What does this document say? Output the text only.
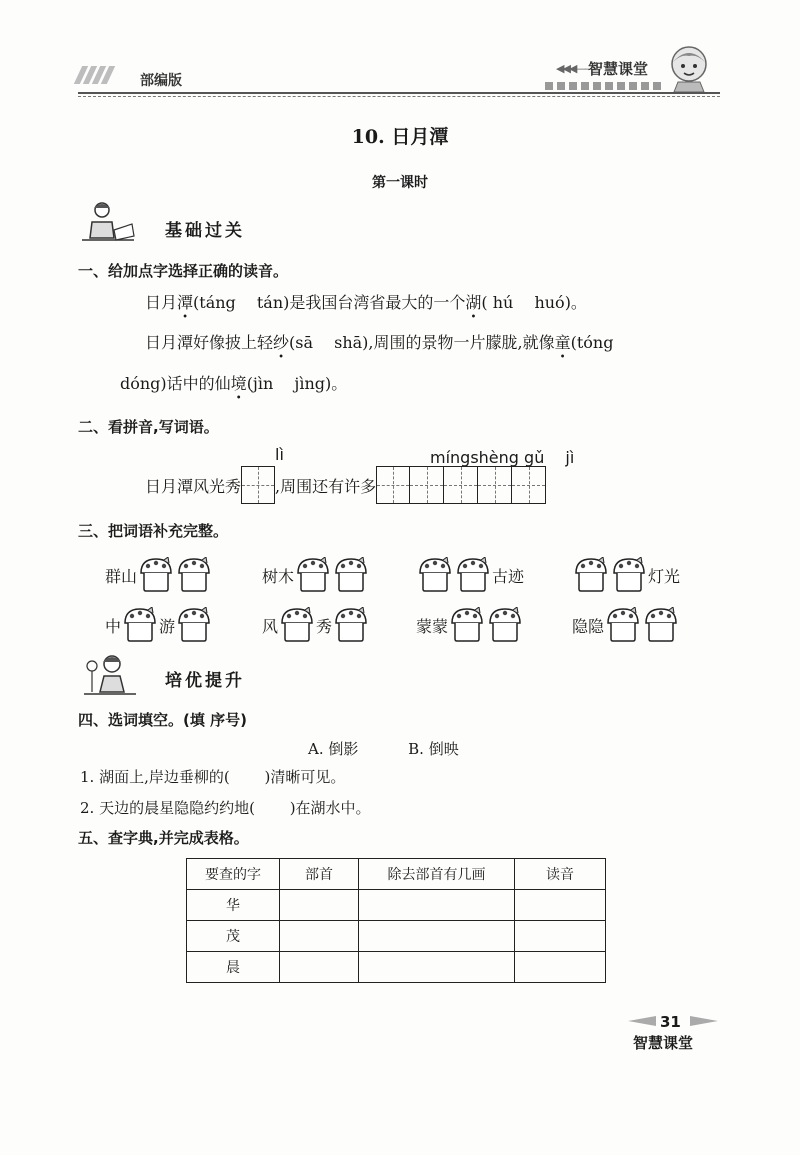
部编版
◀◀◀——
智慧课堂
10. 日月潭
第一课时
基础过关
一、给加点字选择正确的读音。
日月潭(táng　 tán)是我国台湾省最大的一个湖( hú　 huó)。
日月潭好像披上轻纱(sā　 shā),周围的景物一片朦胧,就像童(tóng
dóng)话中的仙境(jìn　 jìng)。
二、看拼音,写词语。
lì	míngshèng gǔ　 jì
日月潭风光秀 ,周围还有许多
三、把词语补充完整。
群山	树木	古迹	灯光
中 游	风 秀	蒙蒙	隐隐
培优提升
四、选词填空。(填 序号)
A. 倒影　　　 B. 倒映
1. 湖面上,岸边垂柳的(　　 )清晰可见。
2. 天边的晨星隐隐约约地(　　 )在湖水中。
五、查字典,并完成表格。
要查的字	部首	除去部首有几画	读音
华			
茂			
晨			
31
智慧课堂
